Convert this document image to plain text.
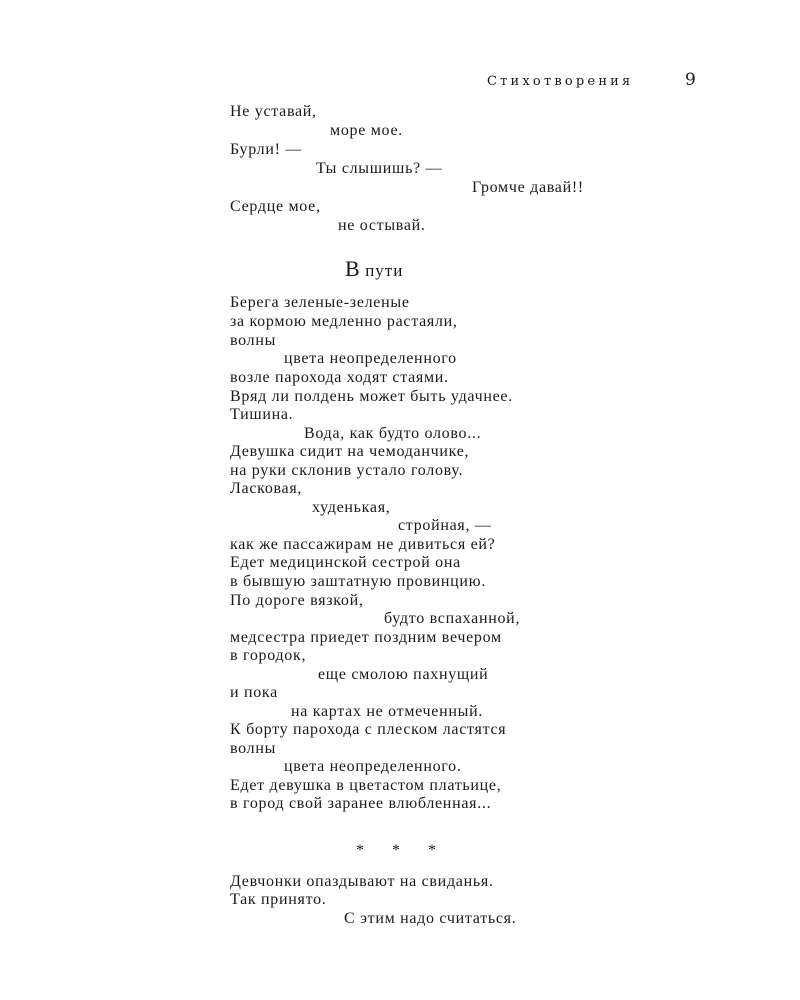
Стихотворения	9
Не уставай,
море мое.
Бурли! —
Ты слышишь? —
Громче давай!!
Сердце мое,
не остывай.
В пути
Берега зеленые-зеленые
за кормою медленно растаяли,
волны
цвета неопределенного
возле парохода ходят стаями.
Вряд ли полдень может быть удачнее.
Тишина.
Вода, как будто олово...
Девушка сидит на чемоданчике,
на руки склонив устало голову.
Ласковая,
худенькая,
стройная, —
как же пассажирам не дивиться ей?
Едет медицинской сестрой она
в бывшую заштатную провинцию.
По дороге вязкой,
будто вспаханной,
медсестра приедет поздним вечером
в городок,
еще смолою пахнущий
и пока
на картах не отмеченный.
К борту парохода с плеском ластятся
волны
цвета неопределенного.
Едет девушка в цветастом платьице,
в город свой заранее влюбленная...
* * *
Девчонки опаздывают на свиданья.
Так принято.
С этим надо считаться.
